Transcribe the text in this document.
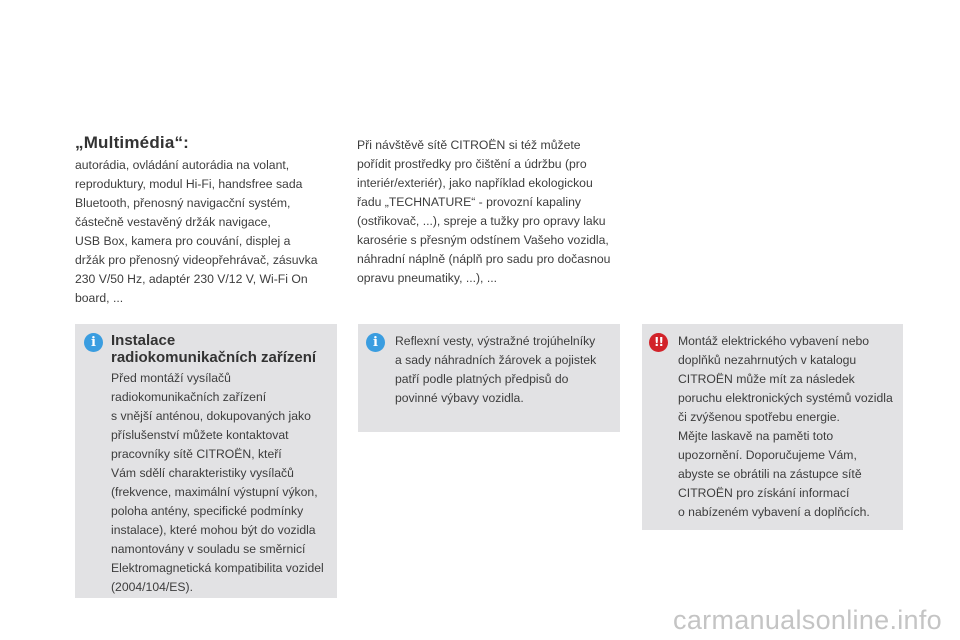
„Multimédia“:
autorádia, ovládání autorádia na volant,
reproduktury, modul Hi-Fi, handsfree sada
Bluetooth, přenosný navigacční systém,
částečně vestavěný držák navigace,
USB Box, kamera pro couvání, displej a
držák pro přenosný videopřehrávač, zásuvka
230 V/50 Hz, adaptér 230 V/12 V, Wi-Fi On
board, ...
Při návštěvě sítě CITROËN si též můžete
pořídit prostředky pro čištění a údržbu (pro
interiér/exteriér), jako například ekologickou
řadu „TECHNATURE“ - provozní kapaliny
(ostřikovač, ...), spreje a tužky pro opravy laku
karosérie s přesným odstínem Vašeho vozidla,
náhradní náplně (náplň pro sadu pro dočasnou
opravu pneumatiky, ...), ...
i	Instalace
radiokomunikačních zařízení
Před montáží vysílačů
radiokomunikačních zařízení
s vnější anténou, dokupovaných jako
příslušenství můžete kontaktovat
pracovníky sítě CITROËN, kteří
Vám sdělí charakteristiky vysílačů
(frekvence, maximální výstupní výkon,
poloha antény, specifické podmínky
instalace), které mohou být do vozidla
namontovány v souladu se směrnicí
Elektromagnetická kompatibilita vozidel
(2004/104/ES).
i	Reflexní vesty, výstražné trojúhelníky
a sady náhradních žárovek a pojistek
patří podle platných předpisů do
povinné výbavy vozidla.
!!	Montáž elektrického vybavení nebo
doplňků nezahrnutých v katalogu
CITROËN může mít za následek
poruchu elektronických systémů vozidla
či zvýšenou spotřebu energie.
Mějte laskavě na paměti toto
upozornění. Doporučujeme Vám,
abyste se obrátili na zástupce sítě
CITROËN pro získání informací
o nabízeném vybavení a doplňcích.
carmanualsonline.info
